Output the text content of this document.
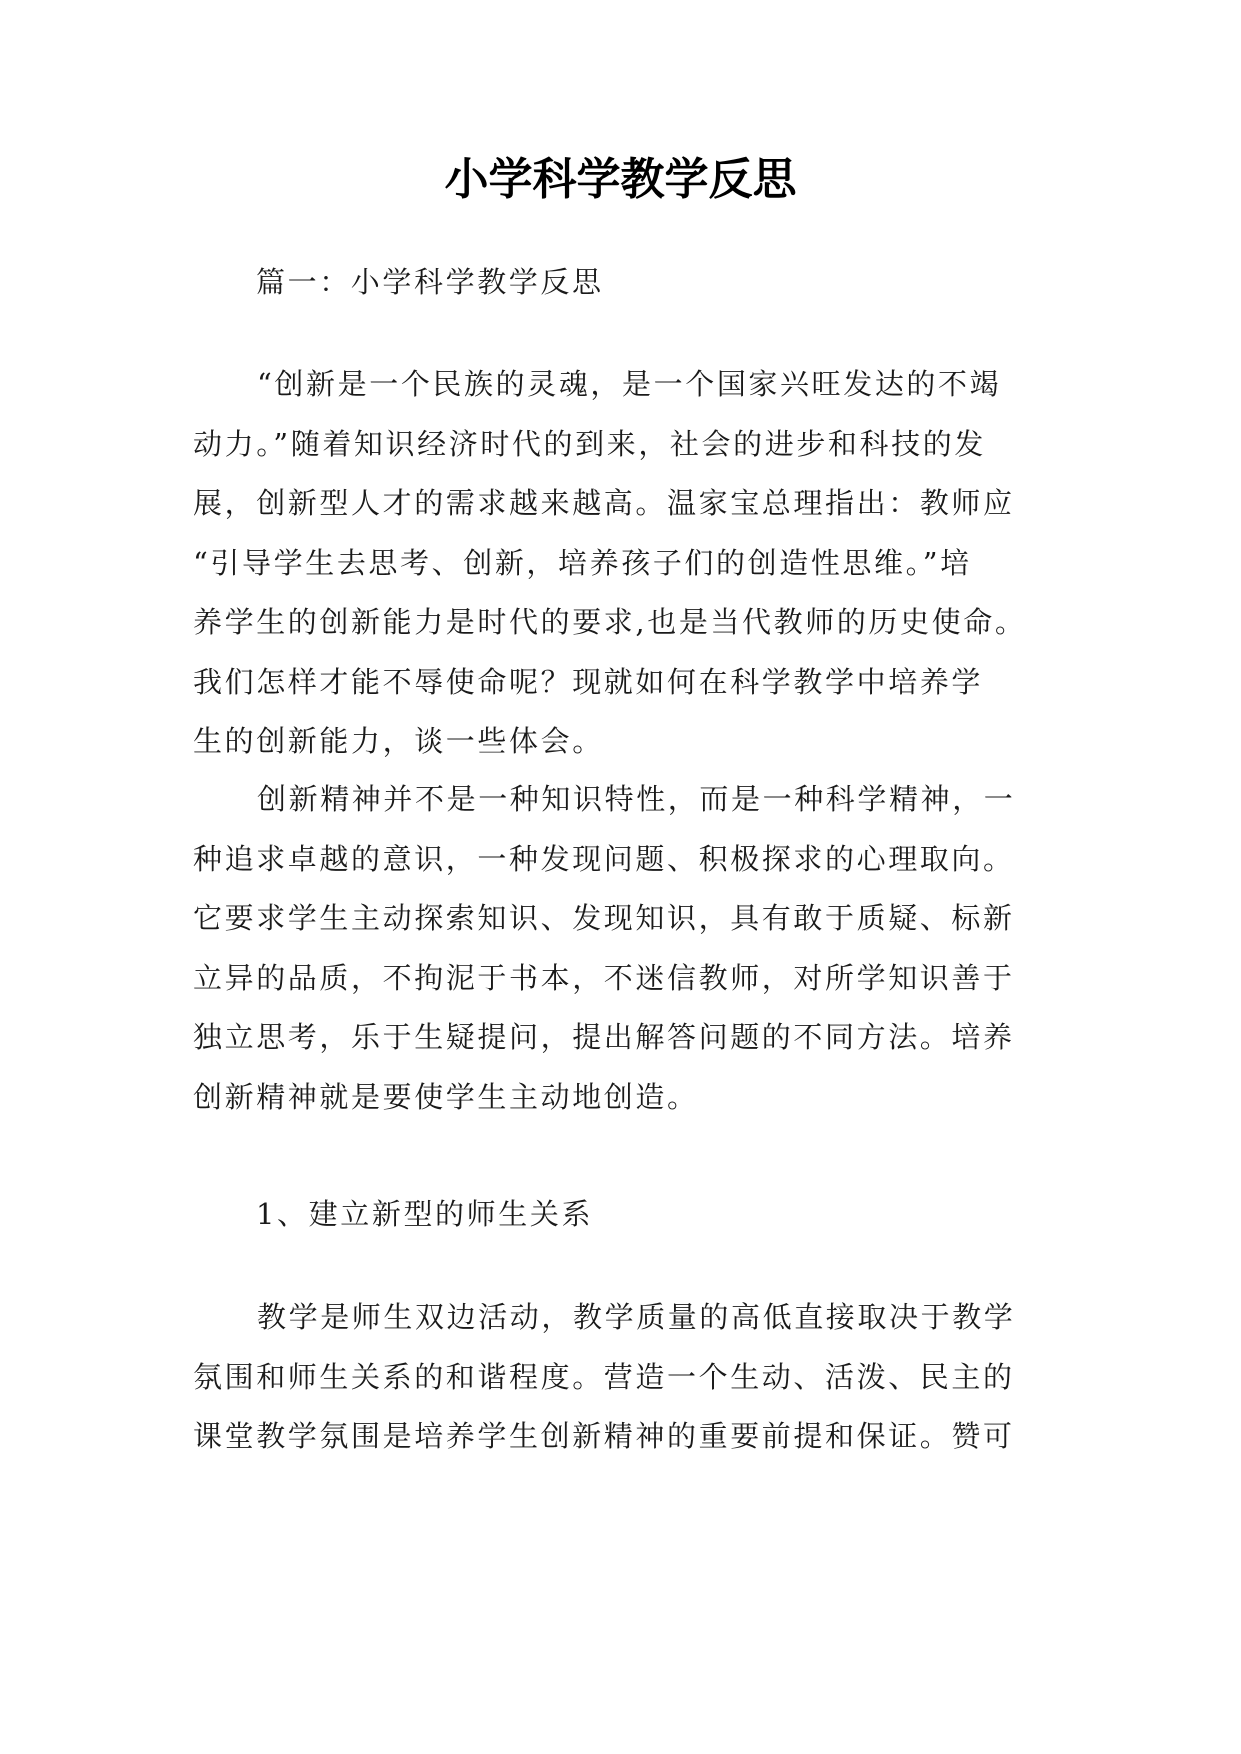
小学科学教学反思

篇一：小学科学教学反思

“创新是一个民族的灵魂，是一个国家兴旺发达的不竭
动力。”随着知识经济时代的到来，社会的进步和科技的发
展，创新型人才的需求越来越高。温家宝总理指出：教师应
“引导学生去思考、创新，培养孩子们的创造性思维。”培
养学生的创新能力是时代的要求,也是当代教师的历史使命。
我们怎样才能不辱使命呢？现就如何在科学教学中培养学
生的创新能力，谈一些体会。
创新精神并不是一种知识特性，而是一种科学精神，一
种追求卓越的意识，一种发现问题、积极探求的心理取向。
它要求学生主动探索知识、发现知识，具有敢于质疑、标新
立异的品质，不拘泥于书本，不迷信教师，对所学知识善于
独立思考，乐于生疑提问，提出解答问题的不同方法。培养
创新精神就是要使学生主动地创造。

1、建立新型的师生关系

教学是师生双边活动，教学质量的高低直接取决于教学
氛围和师生关系的和谐程度。营造一个生动、活泼、民主的
课堂教学氛围是培养学生创新精神的重要前提和保证。赞可
